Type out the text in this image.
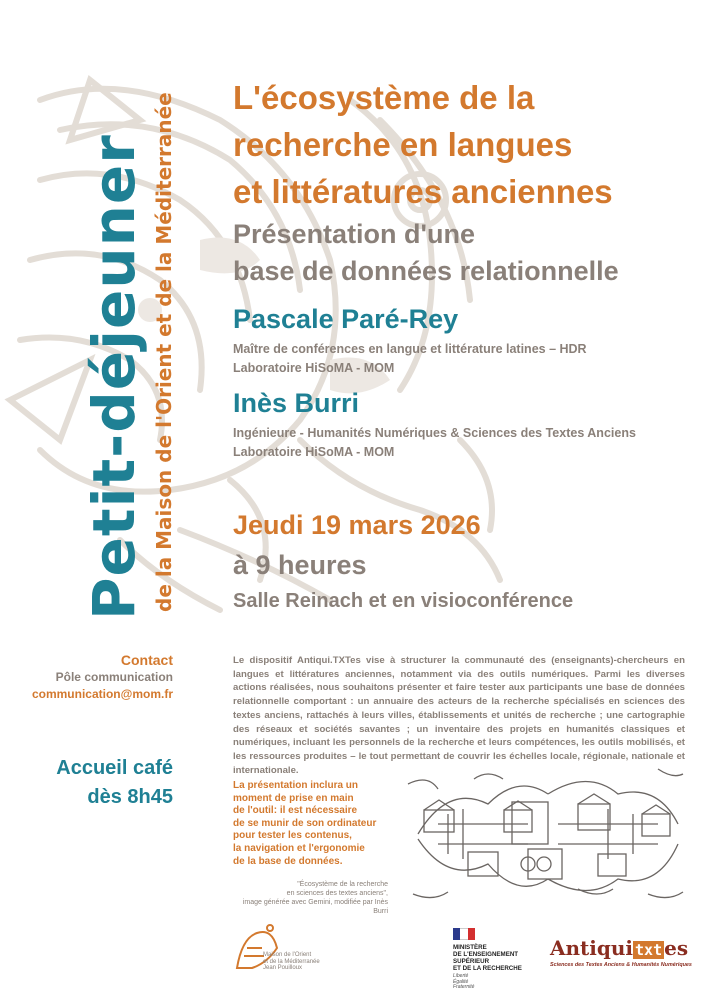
Petit-déjeuner de la Maison de l'Orient et de la Méditerranée L'écosystème de la
recherche en langues
et littératures anciennes
Présentation d'une
base de données relationnelle
Pascale Paré-Rey
Maître de conférences en langue et littérature latines – HDR
Laboratoire HiSoMA - MOM
Inès Burri
Ingénieure - Humanités Numériques & Sciences des Textes Anciens
Laboratoire HiSoMA - MOM
Jeudi 19 mars 2026
à 9 heures
Salle Reinach et en visioconférence
Contact
Pôle communication
communication@mom.fr
Accueil café
dès 8h45

Le dispositif Antiqui.TXTes vise à structurer la communauté des (enseignants)-chercheurs en langues et littératures anciennes, notamment via des outils numériques. Parmi les diverses actions réalisées, nous souhaitons présenter et faire tester aux participants une base de données relationnelle comportant : un annuaire des acteurs de la recherche spécialisés en sciences des textes anciens, rattachés à leurs villes, établissements et unités de recherche ; une cartographie des réseaux et sociétés savantes ; un inventaire des projets en humanités classiques et numériques, incluant les personnels de la recherche et leurs compétences, les outils mobilisés, et les ressources produites – le tout permettant de couvrir les échelles locale, régionale, nationale et internationale.

La présentation inclura un
moment de prise en main
de l'outil: il est nécessaire
de se munir de son ordinateur
pour tester les contenus,
la navigation et l'ergonomie
de la base de données.

"Écosystème de la recherche
en sciences des textes anciens",
image générée avec Gemini, modifiée par Inès Burri

Maison de l'Orient
et de la Méditerranée
Jean Pouilloux
MINISTÈRE
DE L'ENSEIGNEMENT
SUPÉRIEUR
ET DE LA RECHERCHE
Liberté
Égalité
Fraternité
Antiqui txt es
Sciences des Textes Anciens & Humanités Numériques
